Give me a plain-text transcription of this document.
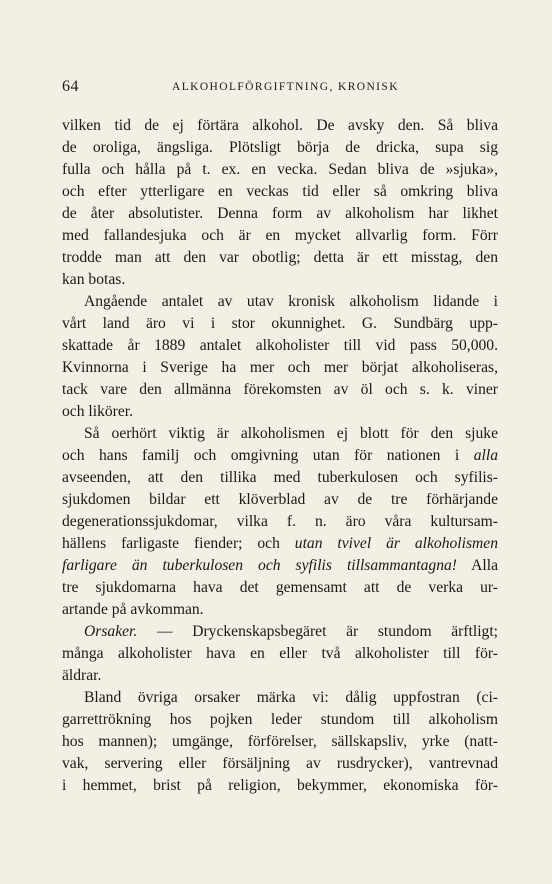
64	ALKOHOLFÖRGIFTNING, KRONISK
vilken tid de ej förtära alkohol. De avsky den. Så bliva
de oroliga, ängsliga. Plötsligt börja de dricka, supa sig
fulla och hålla på t. ex. en vecka. Sedan bliva de »sjuka»,
och efter ytterligare en veckas tid eller så omkring bliva
de åter absolutister. Denna form av alkoholism har likhet
med fallandesjuka och är en mycket allvarlig form. Förr
trodde man att den var obotlig; detta är ett misstag, den
kan botas.
Angående antalet av utav kronisk alkoholism lidande i
vårt land äro vi i stor okunnighet. G. Sundbärg upp-
skattade år 1889 antalet alkoholister till vid pass 50,000.
Kvinnorna i Sverige ha mer och mer börjat alkoholiseras,
tack vare den allmänna förekomsten av öl och s. k. viner
och likörer.
Så oerhört viktig är alkoholismen ej blott för den sjuke
och hans familj och omgivning utan för nationen i alla
avseenden, att den tillika med tuberkulosen och syfilis-
sjukdomen bildar ett klöverblad av de tre förhärjande
degenerationssjukdomar, vilka f. n. äro våra kultursam-
hällens farligaste fiender; och utan tvivel är alkoholismen
farligare än tuberkulosen och syfilis tillsammantagna! Alla
tre sjukdomarna hava det gemensamt att de verka ur-
artande på avkomman.
Orsaker. — Dryckenskapsbegäret är stundom ärftligt;
många alkoholister hava en eller två alkoholister till för-
äldrar.
Bland övriga orsaker märka vi: dålig uppfostran (ci-
garrettrökning hos pojken leder stundom till alkoholism
hos mannen); umgänge, förförelser, sällskapsliv, yrke (natt-
vak, servering eller försäljning av rusdrycker), vantrevnad
i hemmet, brist på religion, bekymmer, ekonomiska för-
